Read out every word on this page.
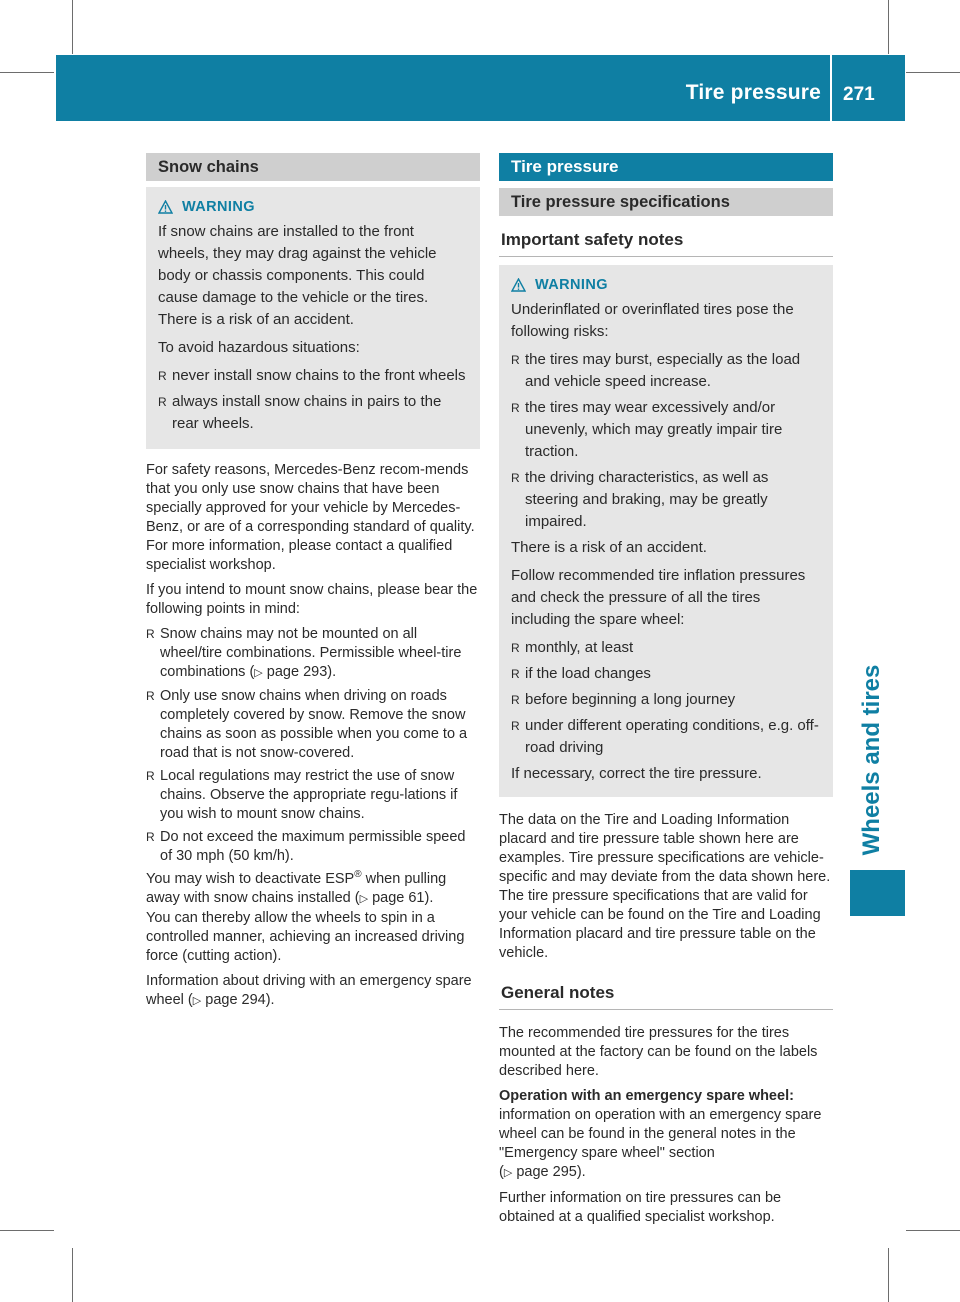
Tire pressure 271
Wheels and tires
Snow chains
WARNING

If snow chains are installed to the front wheels, they may drag against the vehicle body or chassis components. This could cause damage to the vehicle or the tires. There is a risk of an accident.

To avoid hazardous situations:

R never install snow chains to the front wheels
R always install snow chains in pairs to the rear wheels.

For safety reasons, Mercedes-Benz recom-mends that you only use snow chains that have been specially approved for your vehicle by Mercedes-Benz, or are of a corresponding standard of quality. For more information, please contact a qualified specialist workshop.

If you intend to mount snow chains, please bear the following points in mind:

R Snow chains may not be mounted on all wheel/tire combinations. Permissible wheel-tire combinations (▷ page 293).
R Only use snow chains when driving on roads completely covered by snow. Remove the snow chains as soon as possible when you come to a road that is not snow-covered.
R Local regulations may restrict the use of snow chains. Observe the appropriate regu-lations if you wish to mount snow chains.
R Do not exceed the maximum permissible speed of 30 mph (50 km/h).

You may wish to deactivate ESP® when pulling away with snow chains installed (▷ page 61).

You can thereby allow the wheels to spin in a controlled manner, achieving an increased driving force (cutting action).

Information about driving with an emergency spare wheel (▷ page 294).

Tire pressure
Tire pressure specifications
Important safety notes
WARNING

Underinflated or overinflated tires pose the following risks:

R the tires may burst, especially as the load and vehicle speed increase.
R the tires may wear excessively and/or unevenly, which may greatly impair tire traction.
R the driving characteristics, as well as steering and braking, may be greatly impaired.

There is a risk of an accident.

Follow recommended tire inflation pressures and check the pressure of all the tires including the spare wheel:

R monthly, at least
R if the load changes
R before beginning a long journey
R under different operating conditions, e.g. off-road driving

If necessary, correct the tire pressure.

The data on the Tire and Loading Information placard and tire pressure table shown here are examples. Tire pressure specifications are vehicle-specific and may deviate from the data shown here. The tire pressure specifications that are valid for your vehicle can be found on the Tire and Loading Information placard and tire pressure table on the vehicle.

General notes

The recommended tire pressures for the tires mounted at the factory can be found on the labels described here.

Operation with an emergency spare wheel:
information on operation with an emergency spare wheel can be found in the general notes in the "Emergency spare wheel" section
(▷ page 295).

Further information on tire pressures can be obtained at a qualified specialist workshop.
